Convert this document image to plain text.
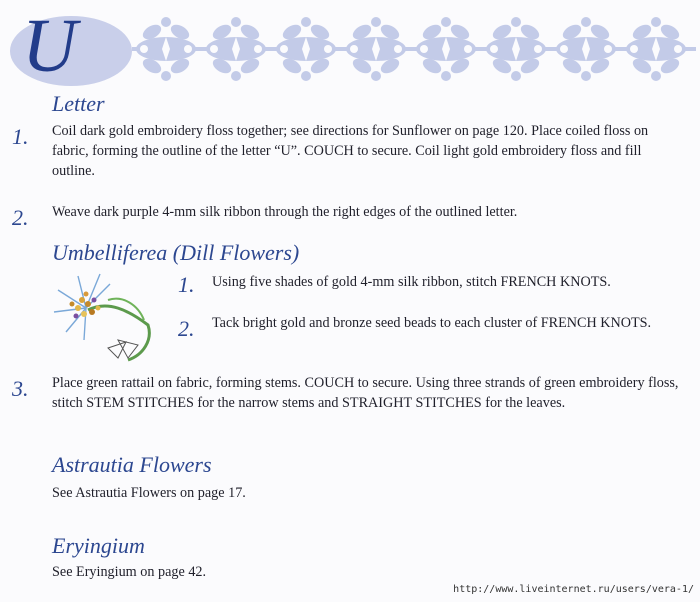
U
Letter
1. Coil dark gold embroidery floss together; see directions for Sunflower on page 120. Place coiled floss on fabric, forming the outline of the letter “U”. COUCH to secure. Coil light gold embroidery floss and fill outline.
2. Weave dark purple 4-mm silk ribbon through the right edges of the outlined letter.
Umbelliferea (Dill Flowers)
1. Using five shades of gold 4-mm silk ribbon, stitch FRENCH KNOTS.
2. Tack bright gold and bronze seed beads to each cluster of FRENCH KNOTS.
3. Place green rattail on fabric, forming stems. COUCH to secure. Using three strands of green embroidery floss, stitch STEM STITCHES for the narrow stems and STRAIGHT STITCHES for the leaves.
Astrautia Flowers
See Astrautia Flowers on page 17.
Eryingium
See Eryingium on page 42.
http://www.liveinternet.ru/users/vera-1/
